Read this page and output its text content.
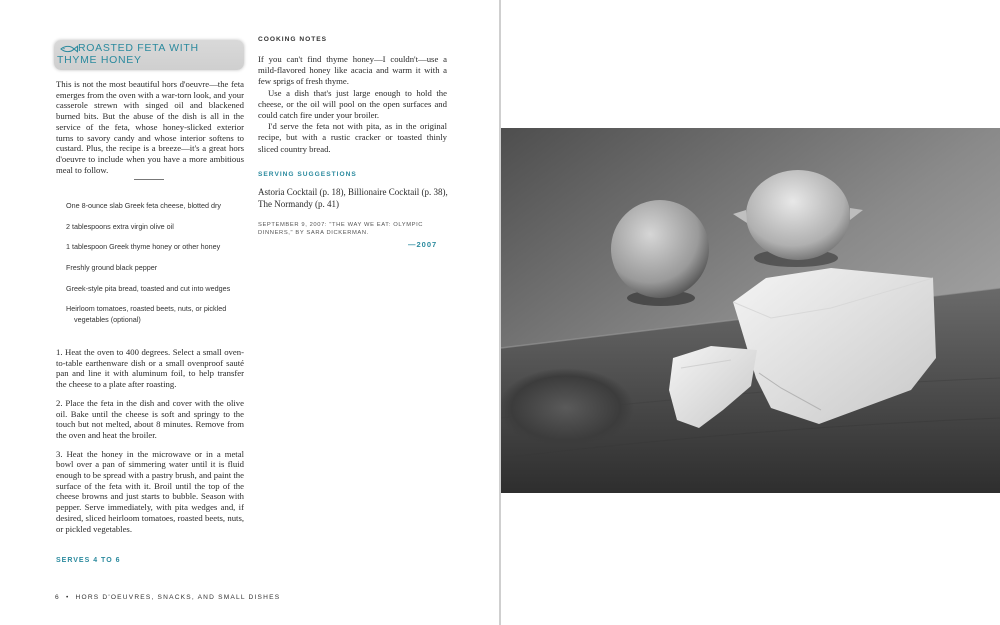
ROASTED FETA WITH
THYME HONEY
This is not the most beautiful hors d'oeuvre—the feta emerges from the oven with a war-torn look, and your casserole strewn with singed oil and blackened burned bits. But the abuse of the dish is all in the service of the feta, whose honey-slicked exterior turns to savory candy and whose interior softens to custard. Plus, the recipe is a breeze—it's a great hors d'oeuvre to include when you have a more ambitious meal to follow.
One 8-ounce slab Greek feta cheese, blotted dry
2 tablespoons extra virgin olive oil
1 tablespoon Greek thyme honey or other honey
Freshly ground black pepper
Greek-style pita bread, toasted and cut into wedges
Heirloom tomatoes, roasted beets, nuts, or pickled
vegetables (optional)

1. Heat the oven to 400 degrees. Select a small oven-to-table earthenware dish or a small ovenproof sauté pan and line it with aluminum foil, to help transfer the cheese to a plate after roasting.

2. Place the feta in the dish and cover with the olive oil. Bake until the cheese is soft and springy to the touch but not melted, about 8 minutes. Remove from the oven and heat the broiler.

3. Heat the honey in the microwave or in a metal bowl over a pan of simmering water until it is fluid enough to be spread with a pastry brush, and paint the surface of the feta with it. Broil until the top of the cheese browns and just starts to bubble. Season with pepper. Serve immediately, with pita wedges and, if desired, sliced heirloom tomatoes, roasted beets, nuts, or pickled vegetables.

SERVES 4 TO 6
6 • HORS D'OEUVRES, SNACKS, AND SMALL DISHES
COOKING NOTES

If you can't find thyme honey—I couldn't—use a mild-flavored honey like acacia and warm it with a few sprigs of fresh thyme.

Use a dish that's just large enough to hold the cheese, or the oil will pool on the open surfaces and could catch fire under your broiler.

I'd serve the feta not with pita, as in the original recipe, but with a rustic cracker or toasted thinly sliced country bread.

SERVING SUGGESTIONS
Astoria Cocktail (p. 18), Billionaire Cocktail (p. 38), The Normandy (p. 41)
SEPTEMBER 9, 2007: "THE WAY WE EAT: OLYMPIC DINNERS," BY SARA DICKERMAN.
—2007
